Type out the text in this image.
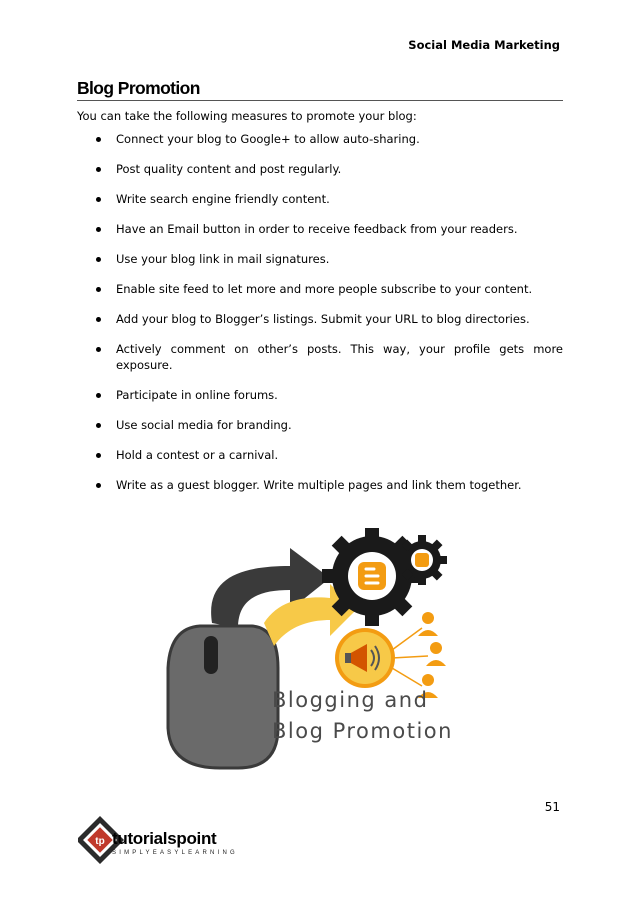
Social Media Marketing
Blog Promotion
You can take the following measures to promote your blog:
Connect your blog to Google+ to allow auto-sharing.
Post quality content and post regularly.
Write search engine friendly content.
Have an Email button in order to receive feedback from your readers.
Use your blog link in mail signatures.
Enable site feed to let more and more people subscribe to your content.
Add your blog to Blogger’s listings. Submit your URL to blog directories.
Actively comment on other’s posts. This way, your profile gets more exposure.
Participate in online forums.
Use social media for branding.
Hold a contest or a carnival.
Write as a guest blogger. Write multiple pages and link them together.
Blogging and
Blog Promotion
51
tp tutorialspoint
SIMPLYEASYLEARNING
